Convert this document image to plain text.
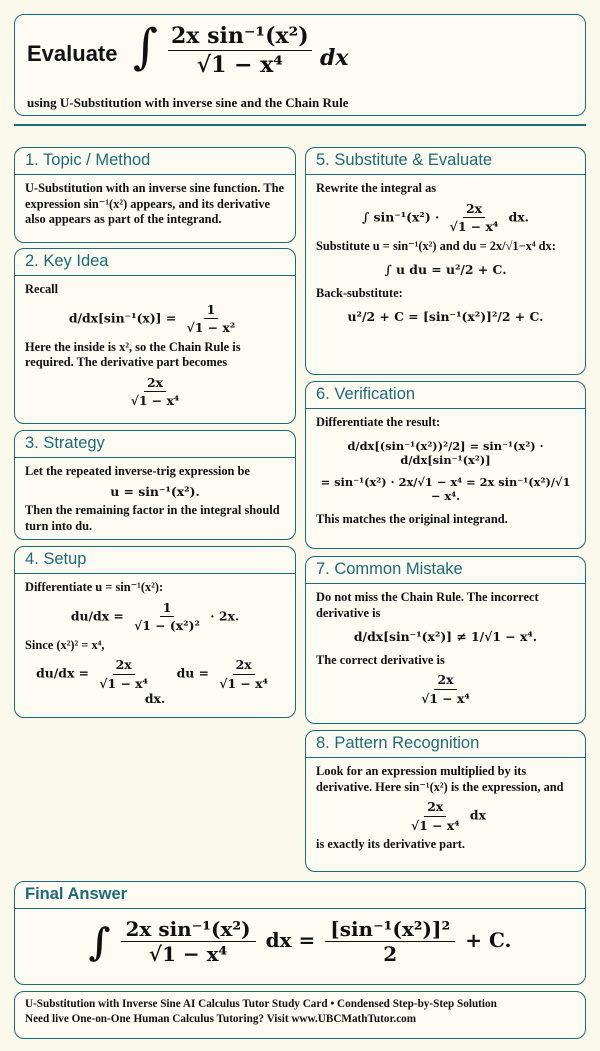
Evaluate ∫ $\frac{\text{2x sin⁻¹(x²)}}{\text{√1 − x⁴}}$ dx
using U-Substitution with inverse sine and the Chain Rule
1. Topic / Method

U-Substitution with an inverse sine function. The expression sin⁻¹(x²) appears, and its derivative also appears as part of the integrand.

2. Key Idea

Recall

$d/dx[\sin^{-1}(x)] = \frac{1}{\text{√1 − x²}}$

Here the inside is x², so the Chain Rule is required. The derivative part becomes

$\frac{2x}{\text{√1 − x⁴}}$
3. Strategy

Let the repeated inverse-trig expression be

u = sin⁻¹(x²).

Then the remaining factor in the integral should turn into du.

4. Setup

Differentiate u = sin⁻¹(x²):

$du/dx = \frac{1}{\text{√1 − (x²)²}} \cdot 2x$.

Since (x²)² = x⁴,

$du/dx = \frac{2x}{\text{√1 − x⁴}}$ du = $\frac{2x}{\text{√1 − x⁴}}$
dx.
5. Substitute & Evaluate

Rewrite the integral as

∫ $\sin^{-1}(x^2) \cdot \frac{2x}{\text{√1 − x⁴}}$ dx.

Substitute u = sin⁻¹(x²) and du = 2x/√1−x⁴ dx:

∫ u du = u²/2 + C.

Back-substitute:

u²/2 + C = [sin⁻¹(x²)]²/2 + C.
6. Verification

Differentiate the result:

d/dx[(sin⁻¹(x²))²/2] = sin⁻¹(x²) · d/dx[sin⁻¹(x²)]
= sin⁻¹(x²) · 2x/√1 − x⁴ = 2x sin⁻¹(x²)/√1 − x⁴.

This matches the original integrand.

7. Common Mistake

Do not miss the Chain Rule. The incorrect derivative is

d/dx[sin⁻¹(x²)] ≠ 1/√1 − x⁴.

The correct derivative is

$\frac{2x}{\text{√1 − x⁴}}$
8. Pattern Recognition

Look for an expression multiplied by its derivative. Here sin⁻¹(x²) is the expression, and

$\frac{2x}{\text{√1 − x⁴}}$ dx

is exactly its derivative part.

Final Answer
∫ $\frac{\text{2x sin⁻¹(x²)}}{\text{√1 − x⁴}}$ dx = $\frac{\text{[sin⁻¹(x²)]²}}{2} + C$.
U-Substitution with Inverse Sine AI Calculus Tutor Study Card • Condensed Step-by-Step Solution
Need live One-on-One Human Calculus Tutoring? Visit www.UBCMathTutor.com
